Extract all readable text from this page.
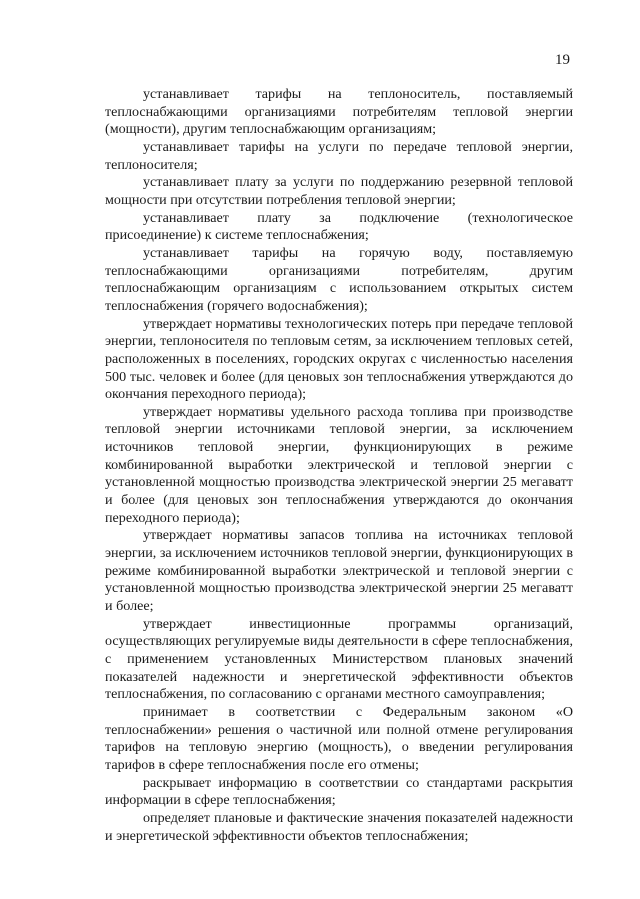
19

устанавливает тарифы на теплоноситель, поставляемый теплоснабжающими организациями потребителям тепловой энергии (мощности), другим теплоснабжающим организациям;

устанавливает тарифы на услуги по передаче тепловой энергии, теплоносителя;

устанавливает плату за услуги по поддержанию резервной тепловой мощности при отсутствии потребления тепловой энергии;

устанавливает плату за подключение (технологическое присоединение) к системе теплоснабжения;

устанавливает тарифы на горячую воду, поставляемую теплоснабжающими организациями потребителям, другим теплоснабжающим организациям с использованием открытых систем теплоснабжения (горячего водоснабжения);

утверждает нормативы технологических потерь при передаче тепловой энергии, теплоносителя по тепловым сетям, за исключением тепловых сетей, расположенных в поселениях, городских округах с численностью населения 500 тыс. человек и более (для ценовых зон теплоснабжения утверждаются до окончания переходного периода);

утверждает нормативы удельного расхода топлива при производстве тепловой энергии источниками тепловой энергии, за исключением источников тепловой энергии, функционирующих в режиме комбинированной выработки электрической и тепловой энергии с установленной мощностью производства электрической энергии 25 мегаватт и более (для ценовых зон теплоснабжения утверждаются до окончания переходного периода);

утверждает нормативы запасов топлива на источниках тепловой энергии, за исключением источников тепловой энергии, функционирующих в режиме комбинированной выработки электрической и тепловой энергии с установленной мощностью производства электрической энергии 25 мегаватт и более;

утверждает инвестиционные программы организаций, осуществляющих регулируемые виды деятельности в сфере теплоснабжения, с применением установленных Министерством плановых значений показателей надежности и энергетической эффективности объектов теплоснабжения, по согласованию с органами местного самоуправления;

принимает в соответствии с Федеральным законом «О теплоснабжении» решения о частичной или полной отмене регулирования тарифов на тепловую энергию (мощность), о введении регулирования тарифов в сфере теплоснабжения после его отмены;

раскрывает информацию в соответствии со стандартами раскрытия информации в сфере теплоснабжения;

определяет плановые и фактические значения показателей надежности и энергетической эффективности объектов теплоснабжения;
